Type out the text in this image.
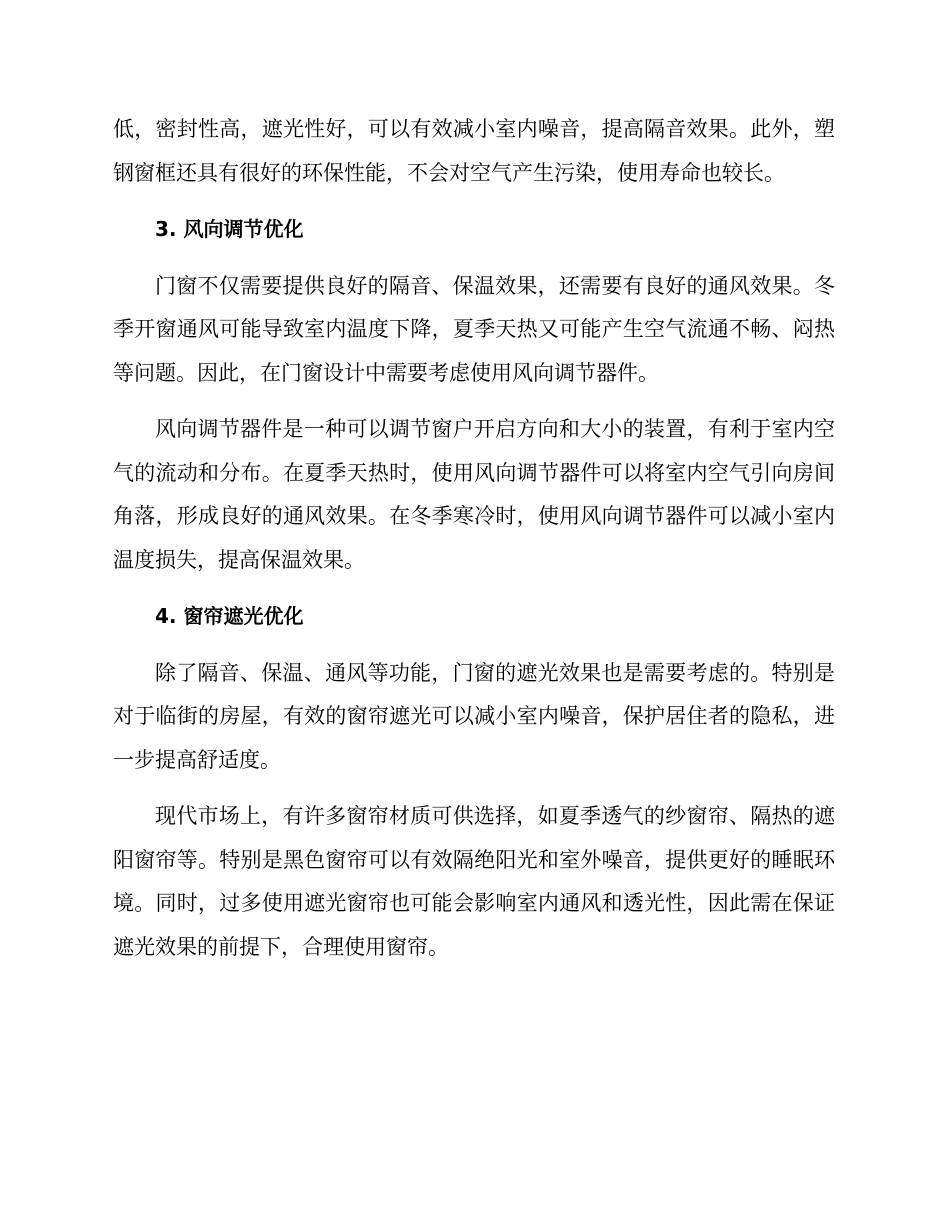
低，密封性高，遮光性好，可以有效减小室内噪音，提高隔音效果。此外，塑钢窗框还具有很好的环保性能，不会对空气产生污染，使用寿命也较长。

3. 风向调节优化

门窗不仅需要提供良好的隔音、保温效果，还需要有良好的通风效果。冬季开窗通风可能导致室内温度下降，夏季天热又可能产生空气流通不畅、闷热等问题。因此，在门窗设计中需要考虑使用风向调节器件。

风向调节器件是一种可以调节窗户开启方向和大小的装置，有利于室内空气的流动和分布。在夏季天热时，使用风向调节器件可以将室内空气引向房间角落，形成良好的通风效果。在冬季寒冷时，使用风向调节器件可以减小室内温度损失，提高保温效果。

4. 窗帘遮光优化

除了隔音、保温、通风等功能，门窗的遮光效果也是需要考虑的。特别是对于临街的房屋，有效的窗帘遮光可以减小室内噪音，保护居住者的隐私，进一步提高舒适度。

现代市场上，有许多窗帘材质可供选择，如夏季透气的纱窗帘、隔热的遮阳窗帘等。特别是黑色窗帘可以有效隔绝阳光和室外噪音，提供更好的睡眠环境。同时，过多使用遮光窗帘也可能会影响室内通风和透光性，因此需在保证遮光效果的前提下，合理使用窗帘。
